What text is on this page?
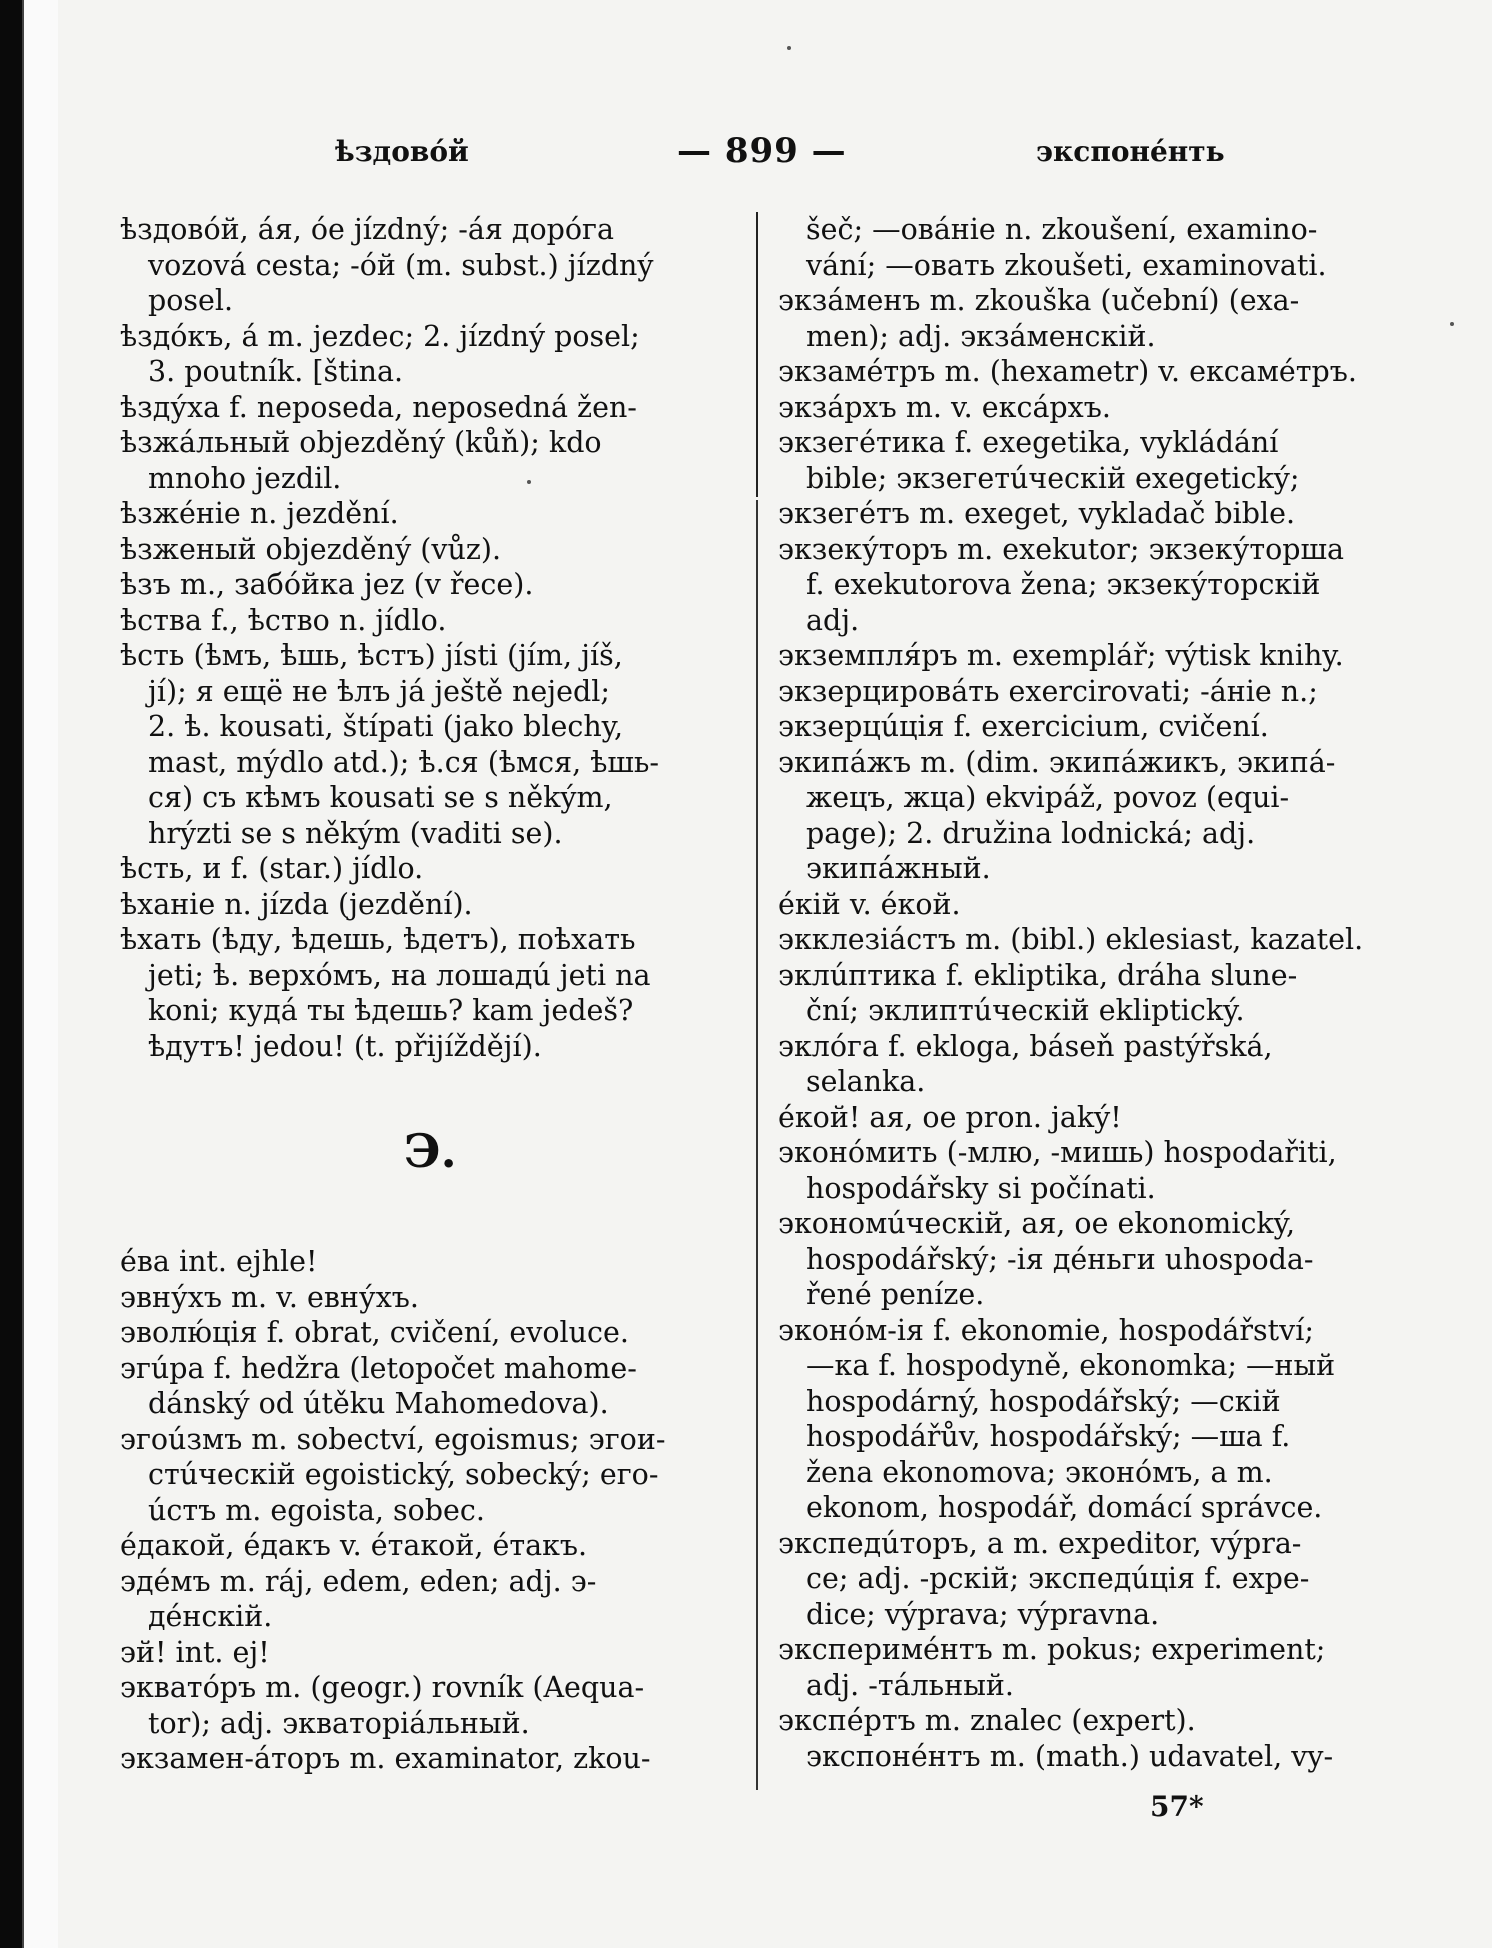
ѣздовóй	— 899 —	экспонéнть

ѣздовóй, áя, óе jízdný; -áя дорóга

vozová cesta; -óй (m. subst.) jízdný

posel.

ѣздóкъ, á m. jezdec; 2. jízdný posel;

3. poutník. [ština.

ѣзду́ха f. neposeda, neposedná žen-

ѣзжáльный objezděný (kůň); kdo

mnoho jezdil.

ѣзжéніе n. jezdění.

ѣзженый objezděný (vůz).

ѣзъ m., забóйка jez (v řece).

ѣства f., ѣство n. jídlo.

ѣсть (ѣмъ, ѣшь, ѣстъ) jísti (jím, jíš,

jí); я ещё не ѣлъ já ještě nejedl;

2. ѣ. kousati, štípati (jako blechy,

mast, mýdlo atd.); ѣ.ся (ѣмся, ѣшь-

ся) съ кѣмъ kousati se s někým,

hrýzti se s někým (vaditi se).

ѣсть, и f. (star.) jídlo.

ѣханіе n. jízda (jezdění).

ѣхать (ѣду, ѣдешь, ѣдетъ), поѣхать

jeti; ѣ. верхóмъ, на лошадú jeti na

koni; кудá ты ѣдешь? kam jedeš?

ѣдутъ! jedou! (t. přijíždějí).

Э.

éва int. ejhle!

эвну́хъ m. v. евну́хъ.

эволю́ція f. obrat, cvičení, evoluce.

эгúра f. hedžra (letopočet mahome-

dánský od útěku Mahomedova).

эгоúзмъ m. sobectví, egoismus; эгои-

стúческій egoistický, sobecký; его-

úстъ m. egoista, sobec.

éдакой, éдакъ v. éтакой, éтакъ.

эдéмъ m. ráj, edem, eden; adj. э-

дéнскій.

эй! int. ej!

экватóръ m. (geogr.) rovník (Aequa-

tor); adj. экваторіáльный.

экзамен-áторъ m. examinator, zkou-

šeč; —ова́ніе n. zkoušení, examino-

vání; —овать zkoušeti, examinovati.

экзáменъ m. zkouška (učební) (exa-

men); adj. экзáменскій.

экзамéтръ m. (hexametr) v. ексамéтръ.

экзáрхъ m. v. ексáрхъ.

экзегéтика f. exegetika, vykládání

bible; экзегетúческій exegetický;

экзегéтъ m. exeget, vykladač bible.

экзеку́торъ m. exekutor; экзеку́торша

f. exekutorova žena; экзеку́торскій

adj.

экземпля́ръ m. exemplář; výtisk knihy.

экзерцировáть exercirovati; -áніе n.;

экзерцúція f. exercicium, cvičení.

экипáжъ m. (dim. экипáжикъ, экипá-

жецъ, жца) ekvipáž, povoz (equi-

page); 2. družina lodnická; adj.

экипáжный.

éкій v. éкой.

экклезiáстъ m. (bibl.) eklesiast, kazatel.

эклúптика f. ekliptika, dráha slune-

ční; эклиптúческій ekliptický.

эклóга f. ekloga, báseň pastýřská,

selanka.

éкой! ая, ое pron. jaký!

эконóмить (-млю, -мишь) hospodařiti,

hospodářsky si počínati.

экономúческій, ая, ое ekonomický,

hospodářský; -ія дéньги uhospoda-

řené peníze.

эконóм-ія f. ekonomie, hospodářství;

—ка f. hospodyně, ekonomka; —ный

hospodárný, hospodářský; —скій

hospodářův, hospodářský; —ша f.

žena ekonomova; эконóмъ, а m.

ekonom, hospodář, domácí správce.

экспедúторъ, а m. expeditor, výpra-

ce; adj. -рскій; экспедúція f. expe-

dice; výprava; výpravna.

эксперимéнтъ m. pokus; experiment;

adj. -тáльный.

экспéртъ m. znalec (expert).

экспонéнтъ m. (math.) udavatel, vy-

57*
